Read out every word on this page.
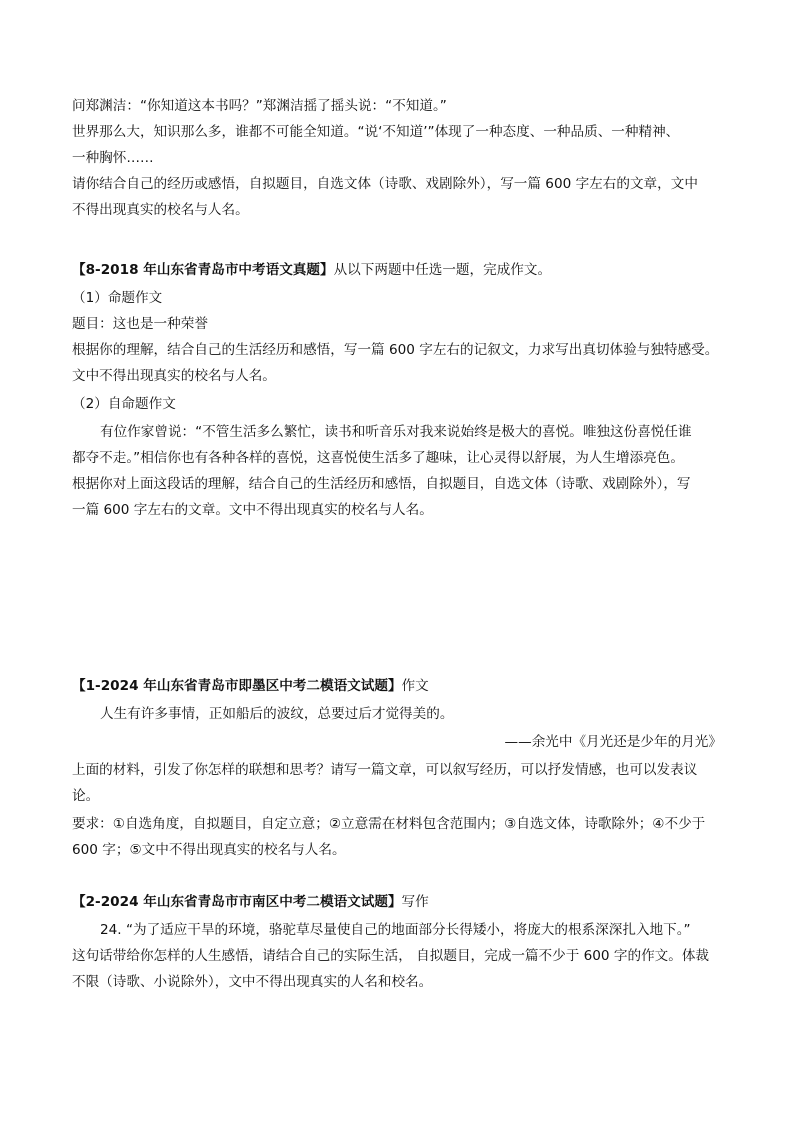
问郑渊洁：“你知道这本书吗？”郑渊洁摇了摇头说：“不知道。”
世界那么大，知识那么多，谁都不可能全知道。“说‘不知道’”体现了一种态度、一种品质、一种精神、
一种胸怀……
请你结合自己的经历或感悟，自拟题目，自选文体（诗歌、戏剧除外），写一篇 600 字左右的文章，文中
不得出现真实的校名与人名。
【8-2018 年山东省青岛市中考语文真题】从以下两题中任选一题，完成作文。
（1）命题作文
题目：这也是一种荣誉
根据你的理解，结合自己的生活经历和感悟，写一篇 600 字左右的记叙文，力求写出真切体验与独特感受。
文中不得出现真实的校名与人名。
（2）自命题作文
有位作家曾说：“不管生活多么繁忙，读书和听音乐对我来说始终是极大的喜悦。唯独这份喜悦任谁
都夺不走。”相信你也有各种各样的喜悦，这喜悦使生活多了趣味，让心灵得以舒展，为人生增添亮色。
根据你对上面这段话的理解，结合自己的生活经历和感悟，自拟题目，自选文体（诗歌、戏剧除外），写
一篇 600 字左右的文章。文中不得出现真实的校名与人名。
【1-2024 年山东省青岛市即墨区中考二模语文试题】作文
人生有许多事情，正如船后的波纹，总要过后才觉得美的。
——余光中《月光还是少年的月光》
上面的材料，引发了你怎样的联想和思考？请写一篇文章，可以叙写经历，可以抒发情感，也可以发表议
论。
要求：①自选角度，自拟题目，自定立意；②立意需在材料包含范围内；③自选文体，诗歌除外；④不少于
600 字；⑤文中不得出现真实的校名与人名。
【2-2024 年山东省青岛市市南区中考二模语文试题】写作
24. “为了适应干旱的环境，骆驼草尽量使自己的地面部分长得矮小，将庞大的根系深深扎入地下。”
这句话带给你怎样的人生感悟，请结合自己的实际生活， 自拟题目，完成一篇不少于 600 字的作文。体裁
不限（诗歌、小说除外），文中不得出现真实的人名和校名。
